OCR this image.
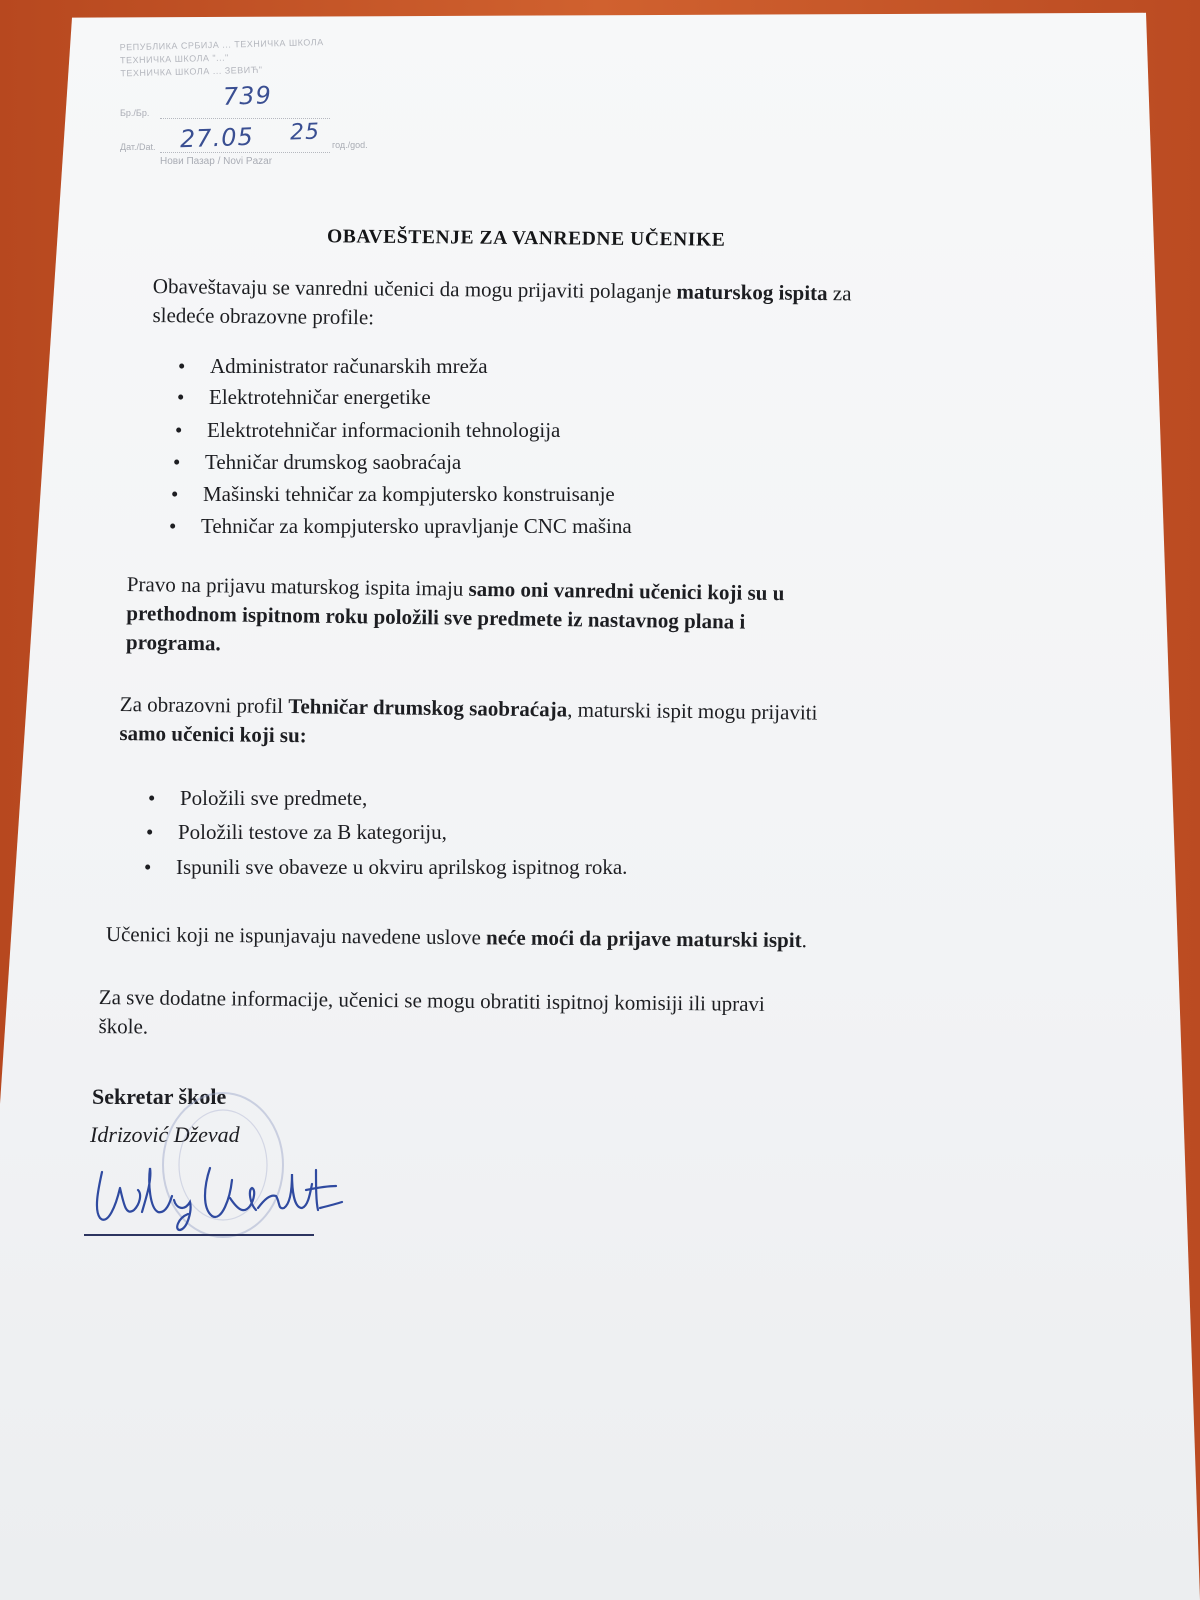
РЕПУБЛИКА СРБИЈА ... ТЕХНИЧКА ШКОЛА
ТЕХНИЧКА ШКОЛА "..."
ТЕХНИЧКА ШКОЛА ... ЗЕВИЋ"
Бр./Бр.
739
Дат./Dat. 27.05 25 год./god.
Нови Пазар / Novi Pazar
OBAVEŠTENJE ZA VANREDNE UČENIKE
Obaveštavaju se vanredni učenici da mogu prijaviti polaganje maturskog ispita za
sledeće obrazovne profile:
• Administrator računarskih mreža
• Elektrotehničar energetike
• Elektrotehničar informacionih tehnologija
• Tehničar drumskog saobraćaja
• Mašinski tehničar za kompjutersko konstruisanje
• Tehničar za kompjutersko upravljanje CNC mašina
Pravo na prijavu maturskog ispita imaju samo oni vanredni učenici koji su u
prethodnom ispitnom roku položili sve predmete iz nastavnog plana i
programa.
Za obrazovni profil Tehničar drumskog saobraćaja, maturski ispit mogu prijaviti
samo učenici koji su:
• Položili sve predmete,
• Položili testove za B kategoriju,
• Ispunili sve obaveze u okviru aprilskog ispitnog roka.
Učenici koji ne ispunjavaju navedene uslove neće moći da prijave maturski ispit.
Za sve dodatne informacije, učenici se mogu obratiti ispitnoj komisiji ili upravi
škole.
Sekretar škole
Idrizović Dževad
